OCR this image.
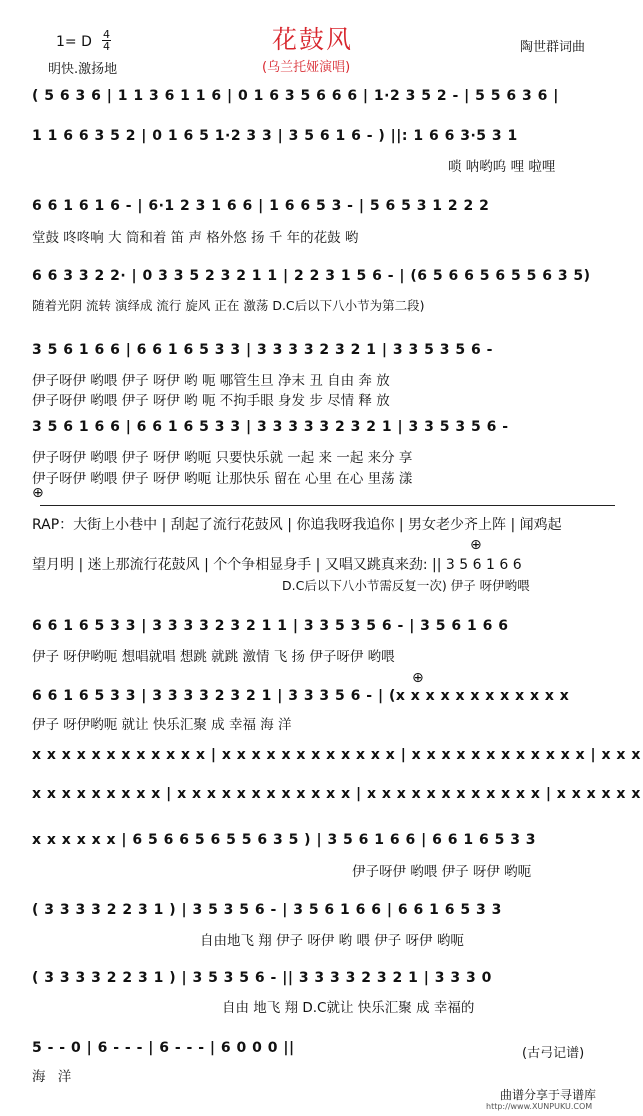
花鼓风
(乌兰托娅演唱)
1= D 4
4
明快.激扬地
陶世群词曲
( 5 6 3 6 | 1 1 3 6 1 1 6 | 0 1 6 3 5 6 6 6 | 1·2 3 5 2 - | 5 5 6 3 6 |
1 1 6 6 3 5 2 | 0 1 6 5 1·2 3 3 | 3 5 6 1 6 - ) ||: 1 6 6 3·5 3 1
唢 呐哟呜 哩 啦哩
6 6 1 6 1 6 - | 6·1 2 3 1 6 6 | 1 6 6 5 3 - | 5 6 5 3 1 2 2 2
堂鼓 咚咚响 大 筒和着 笛 声 格外悠 扬 千 年的花鼓 哟
6 6 3 3 2 2· | 0 3 3 5 2 3 2 1 1 | 2 2 3 1 5 6 - | (6 5 6 6 5 6 5 5 6 3 5)
随着光阴 流转 演绎成 流行 旋风 正在 激荡 D.C后以下八小节为第二段)
3 5 6 1 6 6 | 6 6 1 6 5 3 3 | 3 3 3 3 2 3 2 1 | 3 3 5 3 5 6 -
伊子呀伊 哟喂 伊子 呀伊 哟 呃 哪管生旦 净末 丑 自由 奔 放
伊子呀伊 哟喂 伊子 呀伊 哟 呃 不拘手眼 身发 步 尽情 释 放
3 5 6 1 6 6 | 6 6 1 6 5 3 3 | 3 3 3 3 3 2 3 2 1 | 3 3 5 3 5 6 -
伊子呀伊 哟喂 伊子 呀伊 哟呃 只要快乐就 一起 来 一起 来分 享
伊子呀伊 哟喂 伊子 呀伊 哟呃 让那快乐 留在 心里 在心 里荡 漾
⊕
RAP：大街上小巷中 | 刮起了流行花鼓风 | 你追我呀我追你 | 男女老少齐上阵 | 闻鸡起
望月明 | 迷上那流行花鼓风 | 个个争相显身手 | 又唱又跳真来劲: || 3 5 6 1 6 6
D.C后以下八小节需反复一次) 伊子 呀伊哟喂
⊕
6 6 1 6 5 3 3 | 3 3 3 3 2 3 2 1 1 | 3 3 5 3 5 6 - | 3 5 6 1 6 6
伊子 呀伊哟呃 想唱就唱 想跳 就跳 激情 飞 扬 伊子呀伊 哟喂
⊕
6 6 1 6 5 3 3 | 3 3 3 3 2 3 2 1 | 3 3 3 5 6 - | (x x x x x x x x x x x x
伊子 呀伊哟呃 就让 快乐汇聚 成 幸福 海 洋
x x x x x x x x x x x x | x x x x x x x x x x x x | x x x x x x x x x x x x | x x x
x x x x x x x x x | x x x x x x x x x x x x | x x x x x x x x x x x x | x x x x x x
x x x x x x | 6 5 6 6 5 6 5 5 6 3 5 ) | 3 5 6 1 6 6 | 6 6 1 6 5 3 3
伊子呀伊 哟喂 伊子 呀伊 哟呃
( 3 3 3 3 2 2 3 1 ) | 3 5 3 5 6 - | 3 5 6 1 6 6 | 6 6 1 6 5 3 3
自由地飞 翔 伊子 呀伊 哟 喂 伊子 呀伊 哟呃
( 3 3 3 3 2 2 3 1 ) | 3 5 3 5 6 - || 3 3 3 3 2 3 2 1 | 3 3 3 0
自由 地飞 翔 D.C就让 快乐汇聚 成 幸福的
5 - - 0 | 6 - - - | 6 - - - | 6 0 0 0 ||
海 洋
(古弓记谱)
曲谱分享于寻谱库
http://www.XUNPUKU.COM
